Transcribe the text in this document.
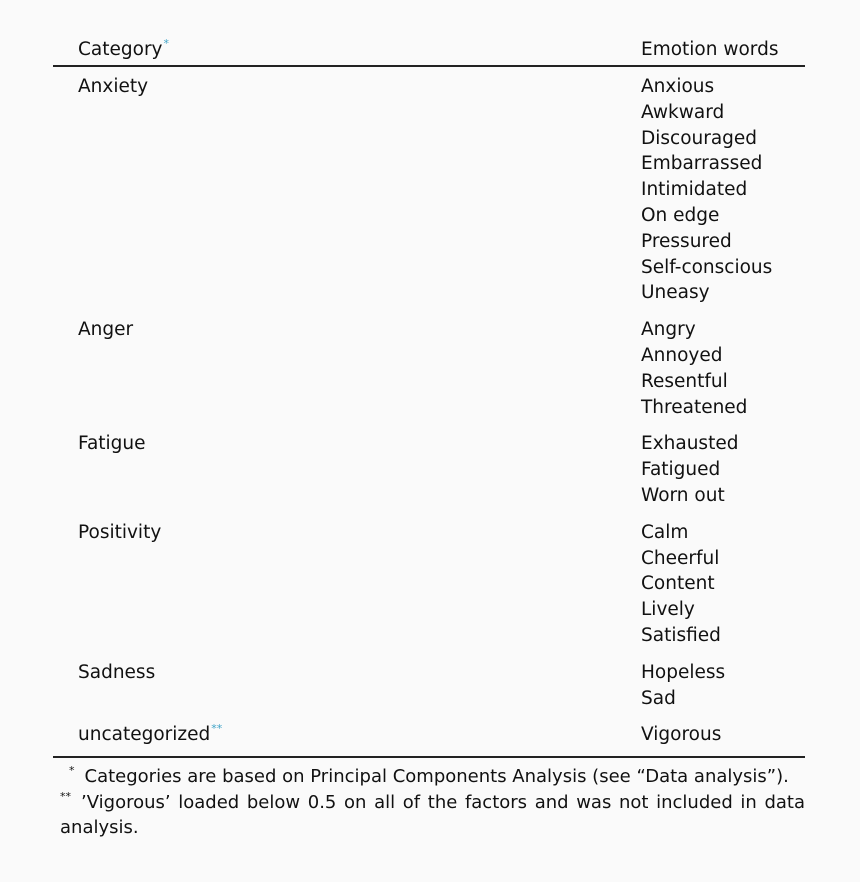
Category*	Emotion words
Anxiety	Anxious
Awkward
Discouraged
Embarrassed
Intimidated
On edge
Pressured
Self-conscious
Uneasy
Anger	Angry
Annoyed
Resentful
Threatened
Fatigue	Exhausted
Fatigued
Worn out
Positivity	Calm
Cheerful
Content
Lively
Satisfied
Sadness	Hopeless
Sad
uncategorized**	Vigorous
* Categories are based on Principal Components Analysis (see “Data analysis”).
** ’Vigorous’ loaded below 0.5 on all of the factors and was not included in data analysis.
